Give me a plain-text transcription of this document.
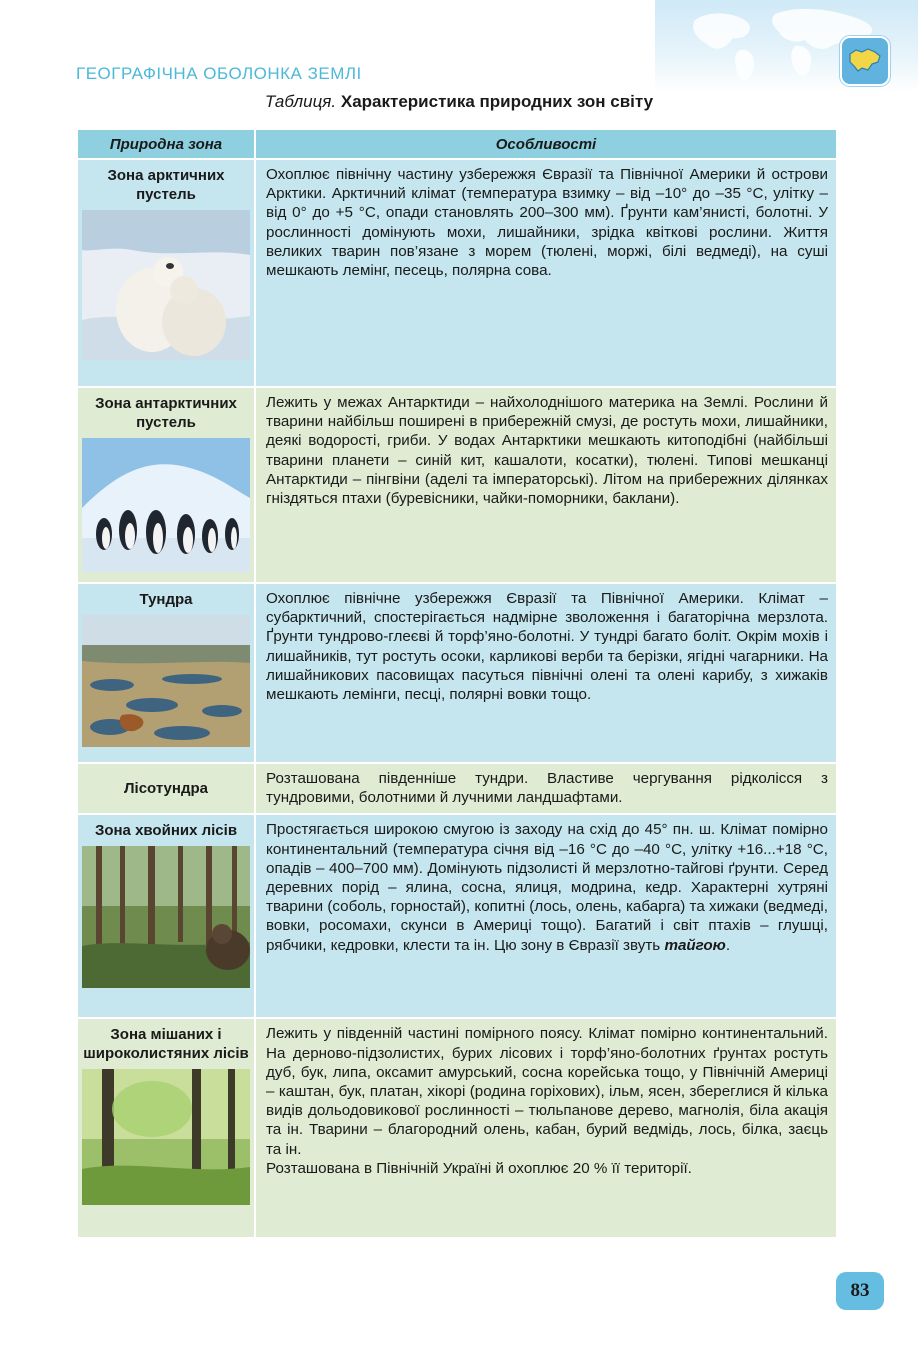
ГЕОГРАФІЧНА ОБОЛОНКА ЗЕМЛІ
Таблиця. Характеристика природних зон світу
Природна зона	Особливості

Зона арктичних пустель	Охоплює північну частину узбережжя Євразії та Північної Америки й острови Арктики. Арктичний клімат (температура взимку – від –10° до –35 °С, улітку – від 0° до +5 °С, опади становлять 200–300 мм). Ґрунти кам’янисті, болотні. У рослинності домінують мохи, лишайники, зрідка квіткові рослини. Життя великих тварин пов’язане з морем (тюлені, моржі, білі ведмеді), на суші мешкають лемінг, песець, полярна сова.

Зона антарктичних пустель	Лежить у межах Антарктиди – найхолоднішого материка на Землі. Рослини й тварини найбільш поширені в прибережній смузі, де ростуть мохи, лишайники, деякі водорості, гриби. У водах Антарктики мешкають китоподібні (найбільші тварини планети – синій кит, кашалоти, косатки), тюлені. Типові мешканці Антарктиди – пінгвіни (аделі та імператорські). Літом на прибережних ділянках гніздяться птахи (буревісники, чайки-поморники, баклани).

Тундра	Охоплює північне узбережжя Євразії та Північної Америки. Клімат – субарктичний, спостерігається надмірне зволоження і багаторічна мерзлота. Ґрунти тундрово-глеєві й торф’яно-болотні. У тундрі багато боліт. Окрім мохів і лишайників, тут ростуть осоки, карликові верби та берізки, ягідні чагарники. На лишайникових пасовищах пасуться північні олені та олені карибу, з хижаків мешкають лемінги, песці, полярні вовки тощо.

Лісотундра	Розташована південніше тундри. Властиве чергування рідколісся з тундровими, болотними й лучними ландшафтами.

Зона хвойних лісів	Простягається широкою смугою із заходу на схід до 45° пн. ш. Клімат помірно континентальний (температура січня від –16 °С до –40 °С, улітку +16...+18 °С, опадів – 400–700 мм). Домінують підзолисті й мерзлотно-тайгові ґрунти. Серед деревних порід – ялина, сосна, ялиця, модрина, кедр. Характерні хутряні тварини (соболь, горностай), копитні (лось, олень, кабарга) та хижаки (ведмеді, вовки, росомахи, скунси в Америці тощо). Багатий і світ птахів – глушці, рябчики, кедровки, клести та ін. Цю зону в Євразії звуть тайгою.

Зона мішаних і широколистяних лісів	Лежить у південній частині помірного поясу. Клімат помірно континентальний. На дерново-підзолистих, бурих лісових і торф’яно-болотних ґрунтах ростуть дуб, бук, липа, оксамит амурський, сосна корейська тощо, у Північній Америці – каштан, бук, платан, хікорі (родина горіхових), ільм, ясен, збереглися й кілька видів дольодовикової рослинності – тюльпанове дерево, магнолія, біла акація та ін. Тварини – благородний олень, кабан, бурий ведмідь, лось, білка, заєць та ін.
Розташована в Північній Україні й охоплює 20 % її території.
83
